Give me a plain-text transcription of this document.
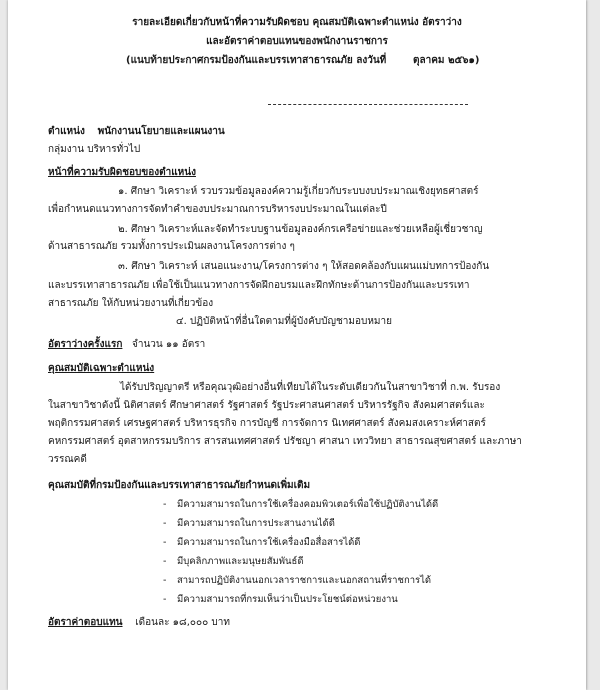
รายละเอียดเกี่ยวกับหน้าที่ความรับผิดชอบ คุณสมบัติเฉพาะตำแหน่ง อัตราว่าง
และอัตราค่าตอบแทนของพนักงานราชการ
(แนบท้ายประกาศกรมป้องกันและบรรเทาสาธารณภัย ลงวันที่	ตุลาคม ๒๕๖๑)
ตำแหน่ง พนักงานนโยบายและแผนงาน
กลุ่มงาน บริหารทั่วไป
หน้าที่ความรับผิดชอบของตำแหน่ง
๑. ศึกษา วิเคราะห์ รวบรวมข้อมูลองค์ความรู้เกี่ยวกับระบบงบประมาณเชิงยุทธศาสตร์
เพื่อกำหนดแนวทางการจัดทำคำของบประมาณการบริหารงบประมาณในแต่ละปี
๒. ศึกษา วิเคราะห์และจัดทำระบบฐานข้อมูลองค์กรเครือข่ายและช่วยเหลือผู้เชี่ยวชาญ
ด้านสาธารณภัย รวมทั้งการประเมินผลงานโครงการต่าง ๆ
๓. ศึกษา วิเคราะห์ เสนอแนะงาน/โครงการต่าง ๆ ให้สอดคล้องกับแผนแม่บทการป้องกัน
และบรรเทาสาธารณภัย เพื่อใช้เป็นแนวทางการจัดฝึกอบรมและฝึกทักษะด้านการป้องกันและบรรเทา
สาธารณภัย ให้กับหน่วยงานที่เกี่ยวข้อง
๔. ปฏิบัติหน้าที่อื่นใดตามที่ผู้บังคับบัญชามอบหมาย
อัตราว่างครั้งแรก จำนวน ๑๑ อัตรา
คุณสมบัติเฉพาะตำแหน่ง
ได้รับปริญญาตรี หรือคุณวุฒิอย่างอื่นที่เทียบได้ในระดับเดียวกันในสาขาวิชาที่ ก.พ. รับรอง
ในสาขาวิชาดังนี้ นิติศาสตร์ ศึกษาศาสตร์ รัฐศาสตร์ รัฐประศาสนศาสตร์ บริหารรัฐกิจ สังคมศาสตร์และ
พฤติกรรมศาสตร์ เศรษฐศาสตร์ บริหารธุรกิจ การบัญชี การจัดการ นิเทศศาสตร์ สังคมสงเคราะห์ศาสตร์
คหกรรมศาสตร์ อุตสาหกรรมบริการ สารสนเทศศาสตร์ ปรัชญา ศาสนา เทววิทยา สาธารณสุขศาสตร์ และภาษา
วรรณคดี
คุณสมบัติที่กรมป้องกันและบรรเทาสาธารณภัยกำหนดเพิ่มเติม
- มีความสามารถในการใช้เครื่องคอมพิวเตอร์เพื่อใช้ปฏิบัติงานได้ดี
- มีความสามารถในการประสานงานได้ดี
- มีความสามารถในการใช้เครื่องมือสื่อสารได้ดี
- มีบุคลิกภาพและมนุษยสัมพันธ์ดี
- สามารถปฏิบัติงานนอกเวลาราชการและนอกสถานที่ราชการได้
- มีความสามารถที่กรมเห็นว่าเป็นประโยชน์ต่อหน่วยงาน
อัตราค่าตอบแทน เดือนละ ๑๘,๐๐๐ บาท
